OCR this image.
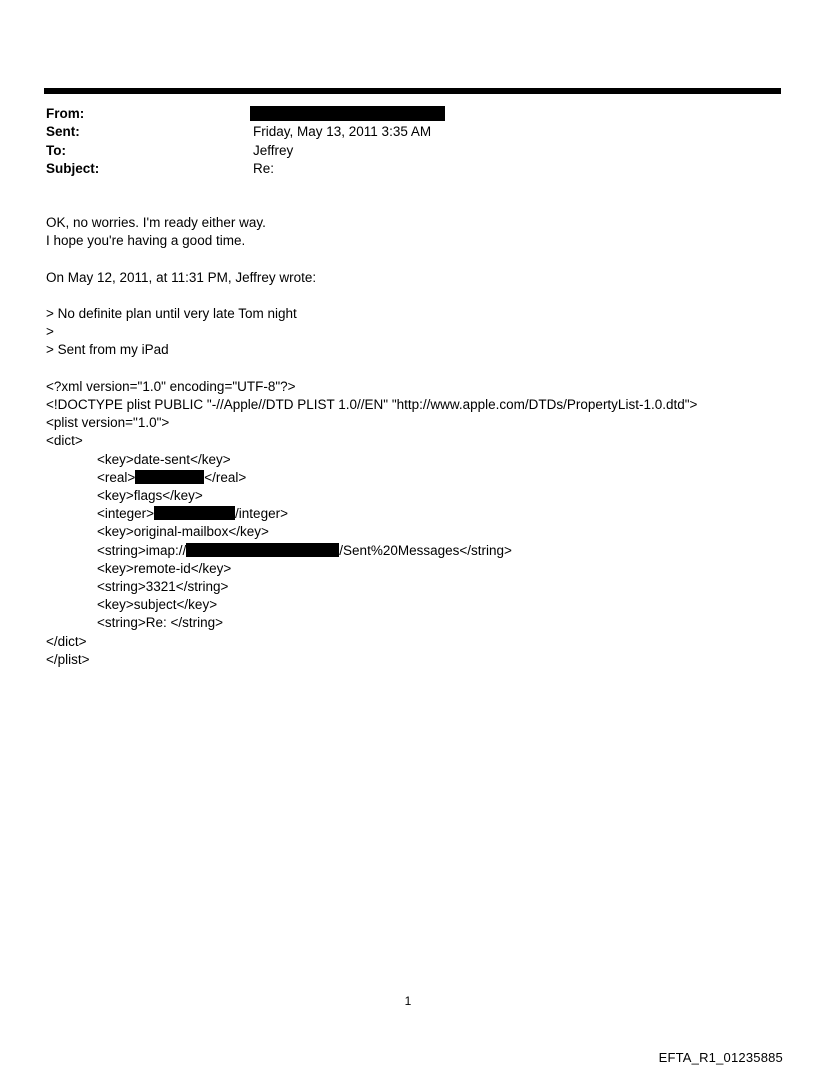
From:
Sent:	Friday, May 13, 2011 3:35 AM
To:	Jeffrey
Subject:	Re:
OK, no worries. I'm ready either way.
I hope you're having a good time.
On May 12, 2011, at 11:31 PM, Jeffrey wrote:
> No definite plan until very late Tom night
>
> Sent from my iPad
<?xml version="1.0" encoding="UTF-8"?>
<!DOCTYPE plist PUBLIC "-//Apple//DTD PLIST 1.0//EN" "http://www.apple.com/DTDs/PropertyList-1.0.dtd">
<plist version="1.0">
<dict>
<key>date-sent</key>
<real>	</real>
<key>flags</key>
<integer>	/integer>
<key>original-mailbox</key>
<string>imap://	/Sent%20Messages</string>
<key>remote-id</key>
<string>3321</string>
<key>subject</key>
<string>Re: </string>
</dict>
</plist>
1
EFTA_R1_01235885
